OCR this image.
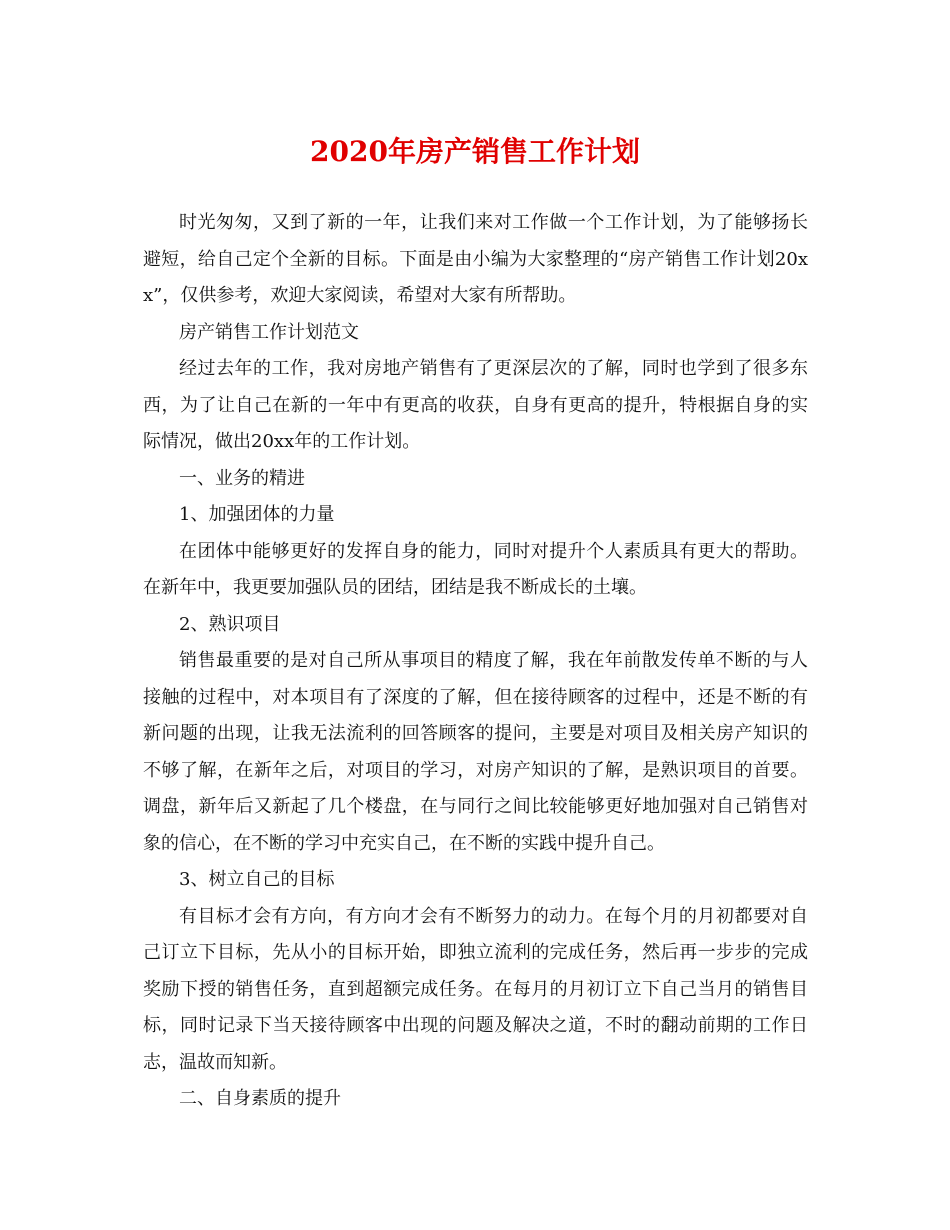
2020年房产销售工作计划

时光匆匆，又到了新的一年，让我们来对工作做一个工作计划，为了能够扬长避短，给自己定个全新的目标。下面是由小编为大家整理的“房产销售工作计划20xx”，仅供参考，欢迎大家阅读，希望对大家有所帮助。

房产销售工作计划范文

经过去年的工作，我对房地产销售有了更深层次的了解，同时也学到了很多东西，为了让自己在新的一年中有更高的收获，自身有更高的提升，特根据自身的实际情况，做出20xx年的工作计划。

一、业务的精进

1、加强团体的力量

在团体中能够更好的发挥自身的能力，同时对提升个人素质具有更大的帮助。在新年中，我更要加强队员的团结，团结是我不断成长的土壤。

2、熟识项目

销售最重要的是对自己所从事项目的精度了解，我在年前散发传单不断的与人接触的过程中，对本项目有了深度的了解，但在接待顾客的过程中，还是不断的有新问题的出现，让我无法流利的回答顾客的提问，主要是对项目及相关房产知识的不够了解，在新年之后，对项目的学习，对房产知识的了解，是熟识项目的首要。调盘，新年后又新起了几个楼盘，在与同行之间比较能够更好地加强对自己销售对象的信心，在不断的学习中充实自己，在不断的实践中提升自己。

3、树立自己的目标

有目标才会有方向，有方向才会有不断努力的动力。在每个月的月初都要对自己订立下目标，先从小的目标开始，即独立流利的完成任务，然后再一步步的完成奖励下授的销售任务，直到超额完成任务。在每月的月初订立下自己当月的销售目标，同时记录下当天接待顾客中出现的问题及解决之道，不时的翻动前期的工作日志，温故而知新。

二、自身素质的提升
